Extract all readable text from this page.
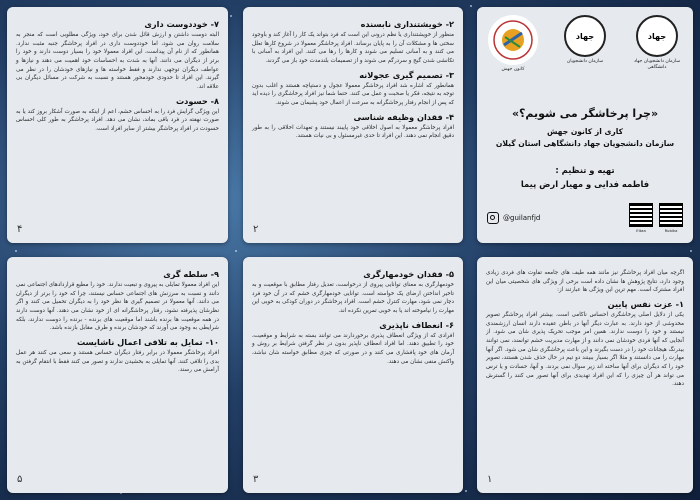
۷- خوددوست داری
البته دوست داشتن و ارزش قائل شدن برای خود، ویژگی مطلوبی است که منجر به سلامت روان می شود، اما خوددوست داری در افراد پرخاشگر جنبه مثبت ندارد. همانطور که از نام آن پیداست، این افراد معمولا خود را بسیار دوست دارند و خود را برتر از دیگران می دانند. آنها به شدت به احساسات خود اهمیت می دهند و نیازها و عواطف دیگران توجهی ندارند و فقط خواسته ها و نیازهای خودشان را در نظر می گیرند. این افراد تا حدودی خودمحور هستند و نسبت به شرکت در مسائل دیگران بی علاقه اند.
۸- حسودت
این ویژگی گرایش فرد را به احساس خشم، اعم از اینکه به صورت آشکار بروز کند یا به صورت نهفته در فرد باقی بماند، نشان می دهد. افراد پرخاشگر به طور کلی احساس حسودت در افراد پرخاشگر بیشتر از سایر افراد است.
۴
۲- خویشتنداری نابسنده
منظور از خویشتنداری یا نظم درونی این است که فرد بتواند یک کار را آغاز کند و باوجود سختی ها و مشکلات آن را به پایان برساند. افراد پرخاشگر معمولا در شروع کارها تعلل می کنند و به آسانی تسلیم می شوند و کارها را رها می کنند. این افراد به آسانی با تکانشی شدن گیج و سردرگم می شوند و از تصمیمات بلندمدت خود باز می گردند.
۳- تصمیم گیری عجولانه
همانطور که اشاره شد افراد پرخاشگر معمولا عجول و دستپاچه هستند و اغلب بدون توجه به نتیجه، فکر یا صحبت و عمل می کنند. حتما شما نیز افراد پرخاشگری را دیده اید که پس از انجام رفتار پرخاشگرانه به سرعت از اعمال خود پشیمان می شوند.
۴- فقدان وظیفه شناسی
افراد پرخاشگر معمولا به اصول اخلاقی خود پایبند نیستند و تعهدات اخلاقی را به طور دقیق انجام نمی دهند. این افراد تا حدی غیرمسئول و بی نیات هستند.
۲
کانون جهش
جهاد
سازمان دانشجویان
جهاد
سازمان دانشجویان جهاد دانشگاهی
«چرا پرخاشگر می شویم؟»
کاری از کانون جهش
سازمان دانشجویان جهاد دانشگاهی استان گیلان
تهیه و تنظیم :
فاطمه فدایی و مهیار ارض پیما
@guilanfjd
Eitaa	Rubika
۹- سلطه گری
این افراد معمولا تمایلی به پیروی و تبعیت ندارند. خود را مطیع قراردادهای اجتماعی نمی دانند و نسبت به سرزنش های اجتماعی حساس نیستند، چرا که خود را برتر از دیگران می دانند. آنها معمولا در تصمیم گیری ها نظر خود را به دیگران تحمیل می کنند و اگر نظرشان پذیرفته نشود، رفتار پرخاشگرانه ای از خود نشان می دهند. آنها دوست دارند در همه موقعیت ها برنده باشند اما موقعیت های برنده - برنده را دوست ندارند، بلکه شرایطی به وجود می آورند که خودشان برنده و طرف مقابل بازنده باشد.
۱۰- تمایل به تلافی اعمال ناشایست
افراد پرخاشگر معمولا در برابر رفتار دیگران حساس هستند و سعی می کنند هر عمل بدی را تلافی کنند. آنها تمایلی به بخشیدن ندارند و تصور می کنند فقط با انتقام گرفتن به آرامش می رسند.
۵
۵- فقدان خودمهارگری
خودمهارگری به معنای توانایی پیروی از درخواست، تعدیل رفتار مطابق با موقعیت و به تاخیر انداختن ارضای یک خواسته است. توانایی خودمهارگری خشم که در آن خود فرد دچار نمی شود، مهارت کنترل خشم است. افراد پرخاشگر در دوران کودکی به خوبی این مهارت را نیاموخته اند یا به خوبی تمرین نکرده اند.
۶- انعطاف ناپذیری
افرادی که از ویژگی انعطاف پذیری برخوردارند می توانند بسته به شرایط و موقعیت، خود را تطبیق دهند. اما افراد انعطاف ناپذیر بدون در نظر گرفتن شرایط بر روش و آرمان های خود پافشاری می کنند و در صورتی که چیزی مطابق خواسته شان نباشد، واکنش منفی نشان می دهند.
۳
اگرچه میان افراد پرخاشگر نیز مانند همه طیف های جامعه تفاوت های فردی زیادی وجود دارد، نتایج پژوهش ها نشان داده است برخی از ویژگی های شخصیتی میان این افراد مشترک است. مهم ترین این ویژگی ها عبارتند از:
۱- عزت نفس پایین
یکی از دلایل اصلی پرخاشگری احساس ناکامی است. بیشتر افراد پرخاشگر تصویر مخدوشی از خود دارند. به عبارت دیگر آنها در باطن عقیده دارند انسان ارزشمندی نیستند و خود را دوست ندارند. همین امر موجب تحریک پذیری شان می شود. از آنجایی که آنها فردی خودشان نمی دانند و از مهارت مدیریت خشم توانمند، نمی توانند بیدرنگ هیجانات خود را در دست بگیرند و این باعث پرخاشگری شان می شود. اگر آنها مهارت را می دانستند و مثلا اگر بسیار ببینند دو تیم در حال حذف شدن هستند، تصویر خود را که دیگران برای آنها ساخته اند زیر سوال نمی بردند. و آنها، حسادت و یا ترس می تواند هر آن چیزی را که این افراد تهدیدی برای آنها تصور می کنند را گسترش دهند.
۱
